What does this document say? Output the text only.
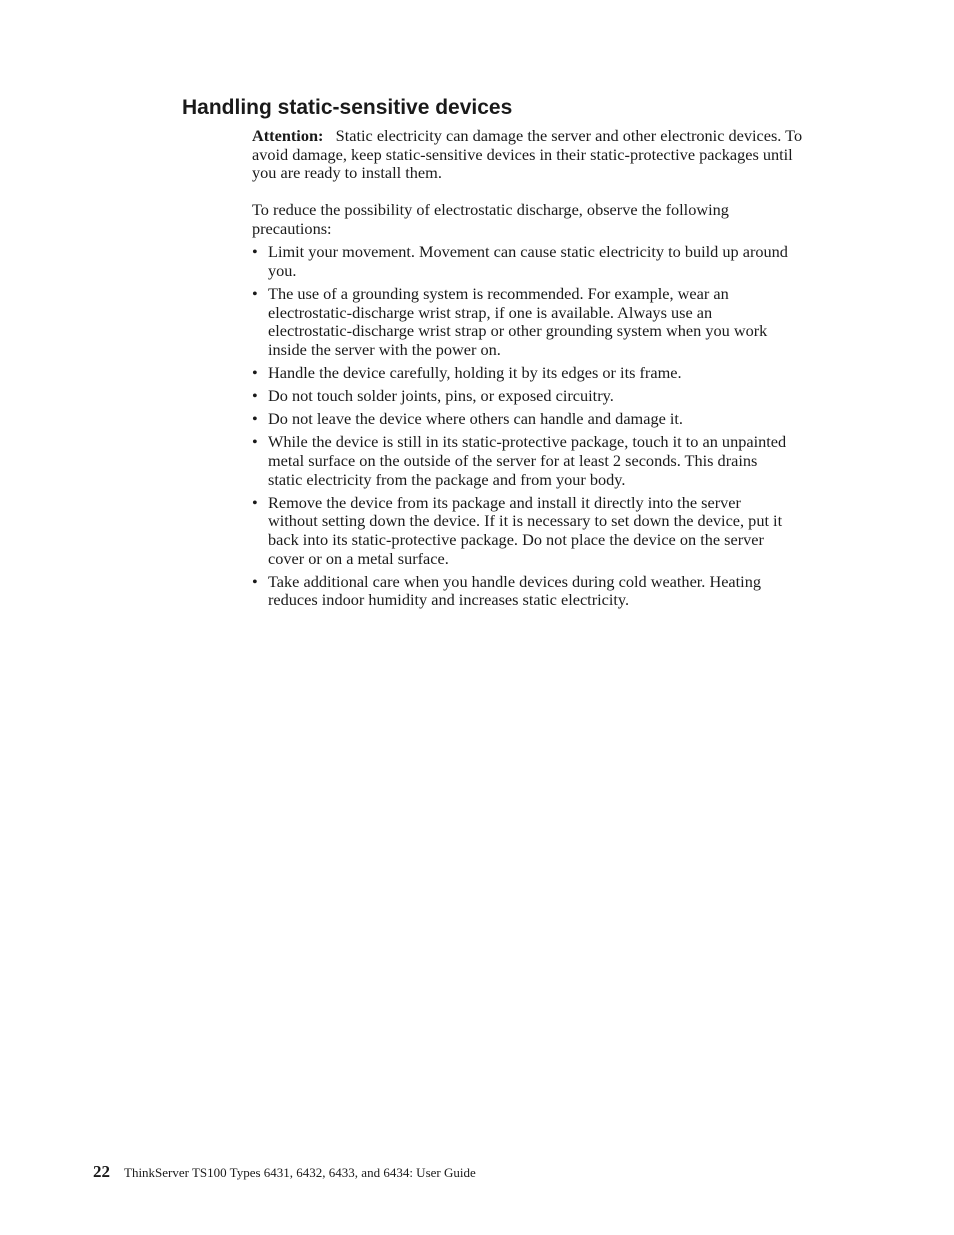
Handling static-sensitive devices
Attention: Static electricity can damage the server and other electronic devices. To
avoid damage, keep static-sensitive devices in their static-protective packages until
you are ready to install them.
To reduce the possibility of electrostatic discharge, observe the following
precautions:
• Limit your movement. Movement can cause static electricity to build up around
you.
• The use of a grounding system is recommended. For example, wear an
electrostatic-discharge wrist strap, if one is available. Always use an
electrostatic-discharge wrist strap or other grounding system when you work
inside the server with the power on.
• Handle the device carefully, holding it by its edges or its frame.
• Do not touch solder joints, pins, or exposed circuitry.
• Do not leave the device where others can handle and damage it.
• While the device is still in its static-protective package, touch it to an unpainted
metal surface on the outside of the server for at least 2 seconds. This drains
static electricity from the package and from your body.
• Remove the device from its package and install it directly into the server
without setting down the device. If it is necessary to set down the device, put it
back into its static-protective package. Do not place the device on the server
cover or on a metal surface.
• Take additional care when you handle devices during cold weather. Heating
reduces indoor humidity and increases static electricity.
22 ThinkServer TS100 Types 6431, 6432, 6433, and 6434: User Guide
